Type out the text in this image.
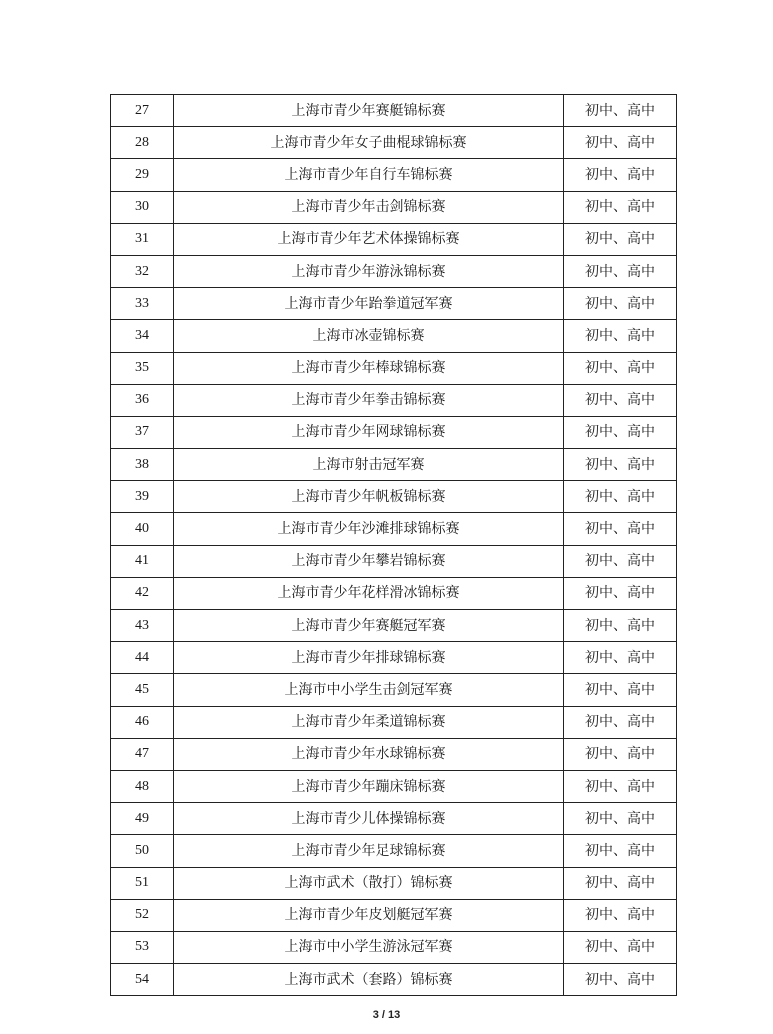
27	上海市青少年赛艇锦标赛	初中、高中
28	上海市青少年女子曲棍球锦标赛	初中、高中
29	上海市青少年自行车锦标赛	初中、高中
30	上海市青少年击剑锦标赛	初中、高中
31	上海市青少年艺术体操锦标赛	初中、高中
32	上海市青少年游泳锦标赛	初中、高中
33	上海市青少年跆拳道冠军赛	初中、高中
34	上海市冰壶锦标赛	初中、高中
35	上海市青少年棒球锦标赛	初中、高中
36	上海市青少年拳击锦标赛	初中、高中
37	上海市青少年网球锦标赛	初中、高中
38	上海市射击冠军赛	初中、高中
39	上海市青少年帆板锦标赛	初中、高中
40	上海市青少年沙滩排球锦标赛	初中、高中
41	上海市青少年攀岩锦标赛	初中、高中
42	上海市青少年花样滑冰锦标赛	初中、高中
43	上海市青少年赛艇冠军赛	初中、高中
44	上海市青少年排球锦标赛	初中、高中
45	上海市中小学生击剑冠军赛	初中、高中
46	上海市青少年柔道锦标赛	初中、高中
47	上海市青少年水球锦标赛	初中、高中
48	上海市青少年蹦床锦标赛	初中、高中
49	上海市青少儿体操锦标赛	初中、高中
50	上海市青少年足球锦标赛	初中、高中
51	上海市武术（散打）锦标赛	初中、高中
52	上海市青少年皮划艇冠军赛	初中、高中
53	上海市中小学生游泳冠军赛	初中、高中
54	上海市武术（套路）锦标赛	初中、高中
3 / 13
